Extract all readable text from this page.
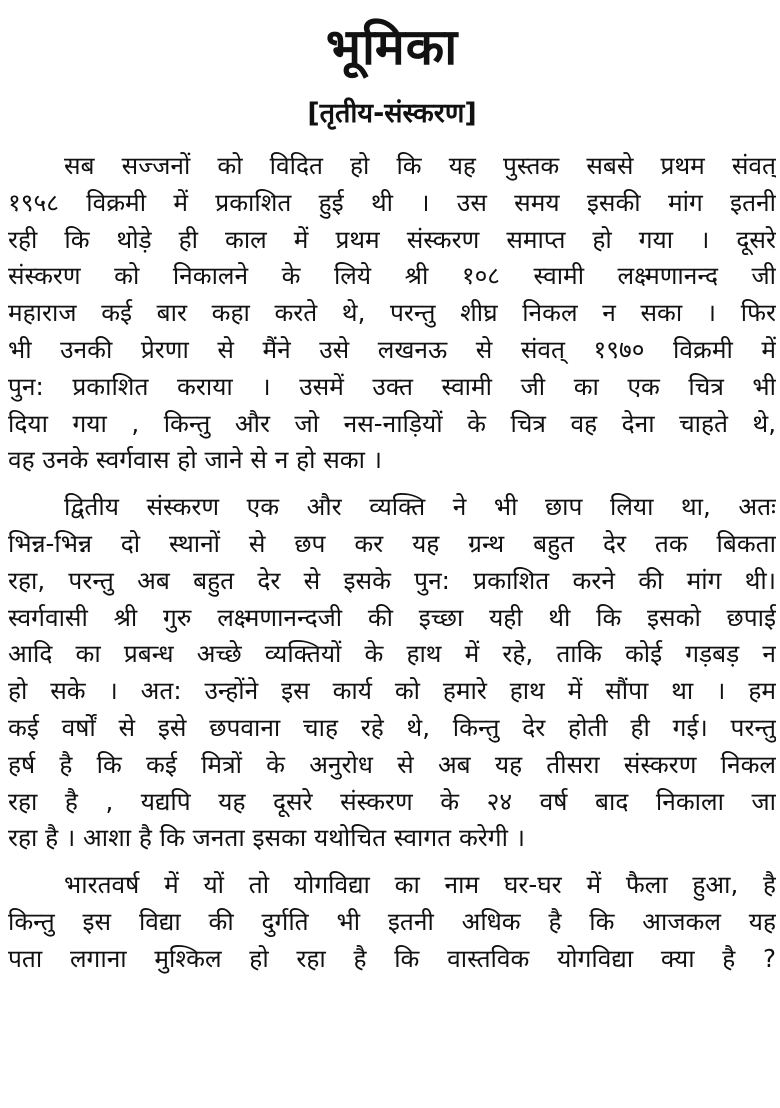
भूमिका
[तृतीय-संस्करण]
सब सज्जनों को विदित हो कि यह पुस्तक सबसे प्रथम संवत्
१९५८ विक्रमी में प्रकाशित हुई थी । उस समय इसकी मांग इतनी
रही कि थोड़े ही काल में प्रथम संस्करण समाप्त हो गया । दूसरे
संस्करण को निकालने के लिये श्री १०८ स्वामी लक्ष्मणानन्द जी
महाराज कई बार कहा करते थे, परन्तु शीघ्र निकल न सका । फिर
भी उनकी प्रेरणा से मैंने उसे लखनऊ से संवत् १९७० विक्रमी में
पुन: प्रकाशित कराया । उसमें उक्त स्वामी जी का एक चित्र भी
दिया गया , किन्तु और जो नस-नाड़ियों के चित्र वह देना चाहते थे,
वह उनके स्वर्गवास हो जाने से न हो सका ।
द्वितीय संस्करण एक और व्यक्ति ने भी छाप लिया था, अतः
भिन्न-भिन्न दो स्थानों से छप कर यह ग्रन्थ बहुत देर तक बिकता
रहा, परन्तु अब बहुत देर से इसके पुन: प्रकाशित करने की मांग थी।
स्वर्गवासी श्री गुरु लक्ष्मणानन्दजी की इच्छा यही थी कि इसको छपाई
आदि का प्रबन्ध अच्छे व्यक्तियों के हाथ में रहे, ताकि कोई गड़बड़ न
हो सके । अत: उन्होंने इस कार्य को हमारे हाथ में सौंपा था । हम
कई वर्षों से इसे छपवाना चाह रहे थे, किन्तु देर होती ही गई। परन्तु
हर्ष है कि कई मित्रों के अनुरोध से अब यह तीसरा संस्करण निकल
रहा है , यद्यपि यह दूसरे संस्करण के २४ वर्ष बाद निकाला जा
रहा है । आशा है कि जनता इसका यथोचित स्वागत करेगी ।
भारतवर्ष में यों तो योगविद्या का नाम घर-घर में फैला हुआ, है
किन्तु इस विद्या की दुर्गति भी इतनी अधिक है कि आजकल यह
पता लगाना मुश्किल हो रहा है कि वास्तविक योगविद्या क्या है ?
